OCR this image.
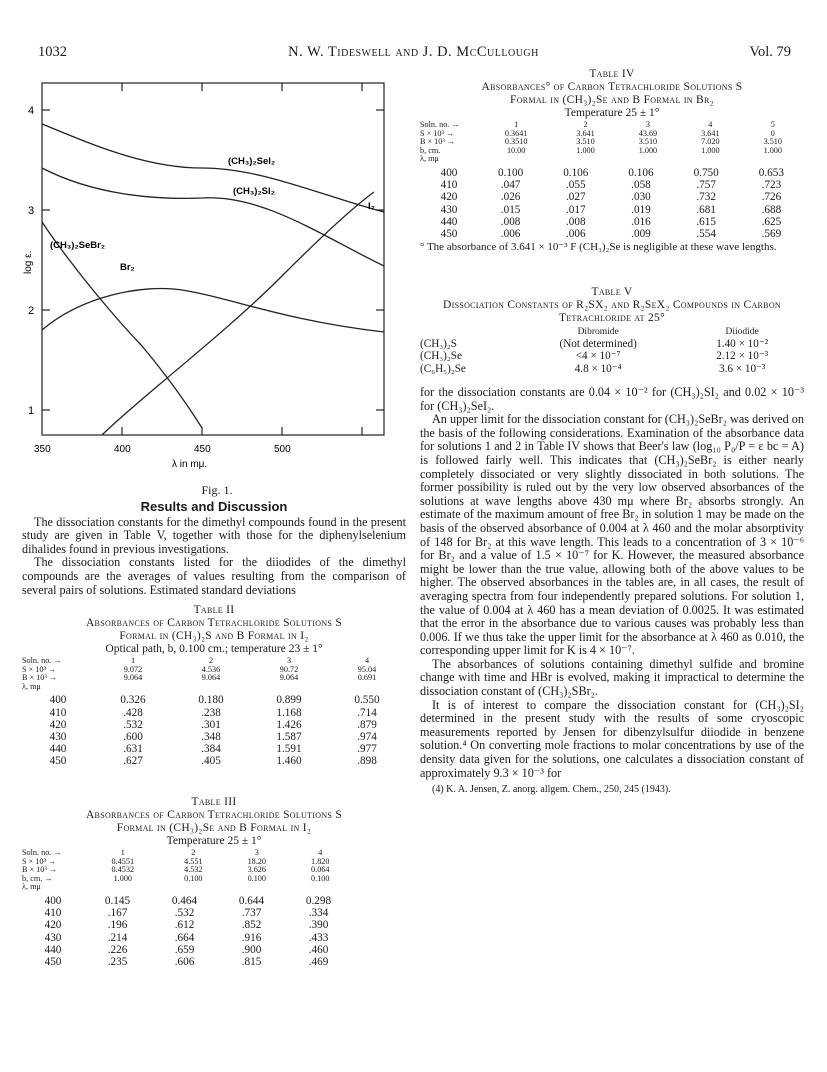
1032	N. W. Tideswell and J. D. McCullough	Vol. 79
4
3
2
1
350	400	450	500
λ in mμ.
log ε.
(CH₃)₂SeI₂
(CH₃)₂SI₂
I₂
(CH₃)₂SeBr₂
Br₂
Fig. 1.
Results and Discussion

The dissociation constants for the dimethyl compounds found in the present study are given in Table V, together with those for the diphenylselenium dihalides found in previous investigations.

The dissociation constants listed for the diiodides of the dimethyl compounds are the averages of values resulting from the comparison of several pairs of solutions. Estimated standard deviations

Table II
Absorbances of Carbon Tetrachloride Solutions S
Formal in (CH₃)₂S and B Formal in I₂
Optical path, b, 0.100 cm.; temperature 23 ± 1°
Soln. no. →	1	2	3	4
S × 10³ →	9.072	4.536	90.72	95.04
B × 10³ →	9.064	9.064	9.064	0.691
λ, mμ				
400	0.326	0.180	0.899	0.550
410	.428	.238	1.168	.714
420	.532	.301	1.426	.879
430	.600	.348	1.587	.974
440	.631	.384	1.591	.977
450	.627	.405	1.460	.898
Table III
Absorbances of Carbon Tetrachloride Solutions S
Formal in (CH₃)₂Se and B Formal in I₂
Temperature 25 ± 1°
Soln. no. →	1	2	3	4
S × 10³ →	0.4551	4.551	18.20	1.820
B × 10³ →	0.4532	4.532	3.626	0.064
b, cm. →	1.000	0.100	0.100	0.100
λ, mμ				
400	0.145	0.464	0.644	0.298
410	.167	.532	.737	.334
420	.196	.612	.852	.390
430	.214	.664	.916	.433
440	.226	.659	.900	.460
450	.235	.606	.815	.469
Table IV
Absorbances° of Carbon Tetrachloride Solutions S
Formal in (CH₃)₂Se and B Formal in Br₂
Temperature 25 ± 1°
Soln. no. →	1	2	3	4	5
S × 10³ →	0.3641	3.641	43.69	3.641	0
B × 10³ →	0.3510	3.510	3.510	7.020	3.510
b, cm.	10.00	1.000	1.000	1.000	1.000
λ, mμ					
400	0.100	0.106	0.106	0.750	0.653
410	.047	.055	.058	.757	.723
420	.026	.027	.030	.732	.726
430	.015	.017	.019	.681	.688
440	.008	.008	.016	.615	.625
450	.006	.006	.009	.554	.569
° The absorbance of 3.641 × 10⁻³ F (CH₃)₂Se is negligible at these wave lengths.
Table V
Dissociation Constants of R₂SX₂ and R₂SeX₂ Compounds in Carbon Tetrachloride at 25°
	Dibromide	Diiodide
(CH₃)₂S	(Not determined)	1.40 × 10⁻²
(CH₃)₂Se	<4 × 10⁻⁷	2.12 × 10⁻³
(C₆H₅)₂Se	4.8 × 10⁻⁴	3.6 × 10⁻³
for the dissociation constants are 0.04 × 10⁻² for (CH₃)₂SI₂ and 0.02 × 10⁻³ for (CH₃)₂SeI₂.

An upper limit for the dissociation constant for (CH₃)₂SeBr₂ was derived on the basis of the following considerations. Examination of the absorbance data for solutions 1 and 2 in Table IV shows that Beer's law (log₁₀ P₀/P = ε bc = A) is followed fairly well. This indicates that (CH₃)₂SeBr₂ is either nearly completely dissociated or very slightly dissociated in both solutions. The former possibility is ruled out by the very low observed absorbances of the solutions at wave lengths above 430 mμ where Br₂ absorbs strongly. An estimate of the maximum amount of free Br₂ in solution 1 may be made on the basis of the observed absorbance of 0.004 at λ 460 and the molar absorptivity of 148 for Br₂ at this wave length. This leads to a concentration of 3 × 10⁻⁶ for Br₂ and a value of 1.5 × 10⁻⁷ for K. However, the measured absorbance might be lower than the true value, allowing both of the above values to be higher. The observed absorbances in the tables are, in all cases, the result of averaging spectra from four independently prepared solutions. For solution 1, the value of 0.004 at λ 460 has a mean deviation of 0.0025. It was estimated that the error in the absorbance due to various causes was probably less than 0.006. If we thus take the upper limit for the absorbance at λ 460 as 0.010, the corresponding upper limit for K is 4 × 10⁻⁷.

The absorbances of solutions containing dimethyl sulfide and bromine change with time and HBr is evolved, making it impractical to determine the dissociation constant of (CH₃)₂SBr₂.

It is of interest to compare the dissociation constant for (CH₃)₂SI₂ determined in the present study with the results of some cryoscopic measurements reported by Jensen for dibenzylsulfur diiodide in benzene solution.⁴ On converting mole fractions to molar concentrations by use of the density data given for the solutions, one calculates a dissociation constant of approximately 9.3 × 10⁻³ for

(4) K. A. Jensen, Z. anorg. allgem. Chem., 250, 245 (1943).
